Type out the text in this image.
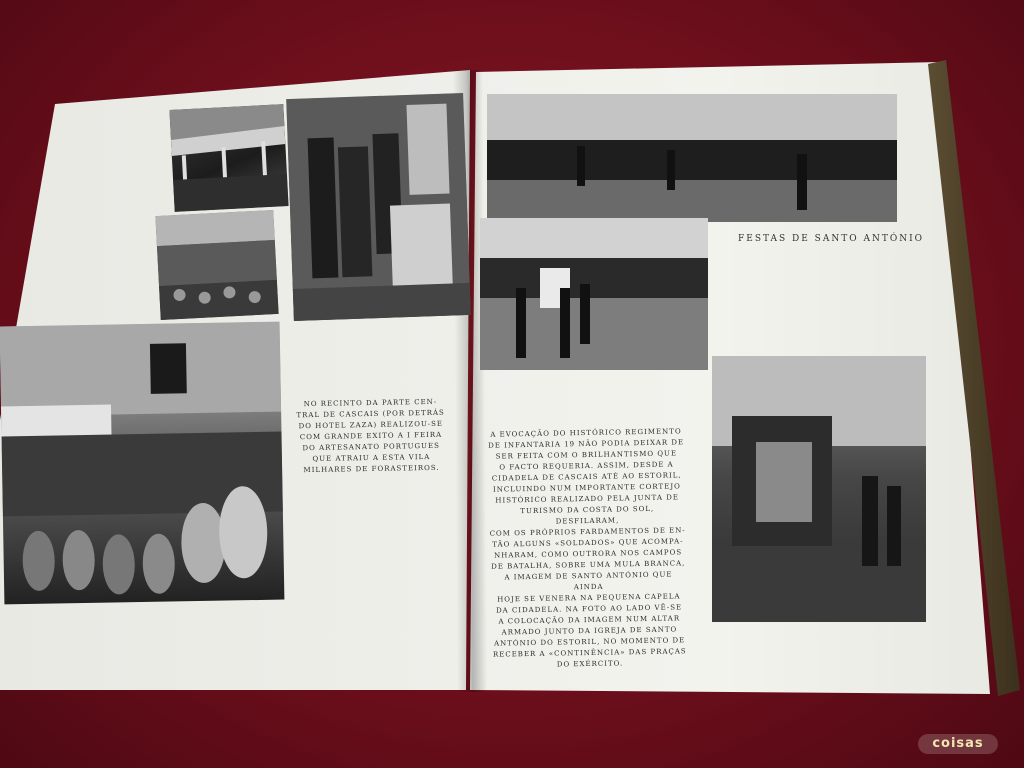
NO RECINTO DA PARTE CEN-
TRAL DE CASCAIS (POR DETRÁS
DO HOTEL ZAZA) REALIZOU-SE
COM GRANDE EXITO A I FEIRA
DO ARTESANATO PORTUGUES
QUE ATRAIU A ESTA VILA
MILHARES DE FORASTEIROS.
FESTAS DE SANTO ANTÓNIO
A EVOCAÇÃO DO HISTÓRICO REGIMENTO
DE INFANTARIA 19 NÃO PODIA DEIXAR DE
SER FEITA COM O BRILHANTISMO QUE
O FACTO REQUERIA. ASSIM, DESDE A
CIDADELA DE CASCAIS ATÉ AO ESTORIL,
INCLUINDO NUM IMPORTANTE CORTEJO
HISTÓRICO REALIZADO PELA JUNTA DE
TURISMO DA COSTA DO SOL, DESFILARAM,
COM OS PRÓPRIOS FARDAMENTOS DE EN-
TÃO ALGUNS «SOLDADOS» QUE ACOMPA-
NHARAM, COMO OUTRORA NOS CAMPOS
DE BATALHA, SOBRE UMA MULA BRANCA,
A IMAGEM DE SANTO ANTÓNIO QUE AINDA
HOJE SE VENERA NA PEQUENA CAPELA
DA CIDADELA. NA FOTO AO LADO VÊ-SE
A COLOCAÇÃO DA IMAGEM NUM ALTAR
ARMADO JUNTO DA IGREJA DE SANTO
ANTÓNIO DO ESTORIL, NO MOMENTO DE
RECEBER A «CONTINÊNCIA» DAS PRAÇAS
DO EXÉRCITO.
coisas
